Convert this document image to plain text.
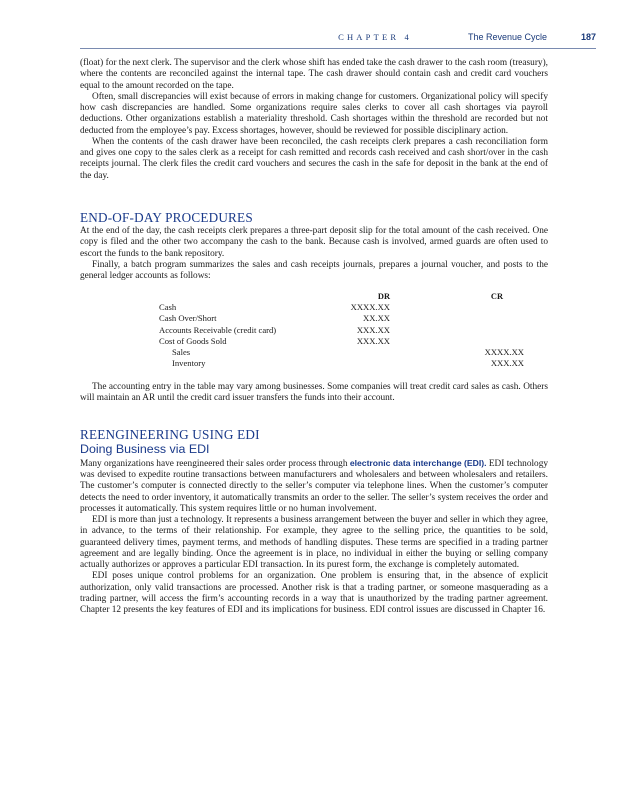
CHAPTER 4	The Revenue Cycle	187

(float) for the next clerk. The supervisor and the clerk whose shift has ended take the cash drawer to the cash room (treasury), where the contents are reconciled against the internal tape. The cash drawer should contain cash and credit card vouchers equal to the amount recorded on the tape.

Often, small discrepancies will exist because of errors in making change for customers. Organizational policy will specify how cash discrepancies are handled. Some organizations require sales clerks to cover all cash shortages via payroll deductions. Other organizations establish a materiality threshold. Cash shortages within the threshold are recorded but not deducted from the employee’s pay. Excess shortages, however, should be reviewed for possible disciplinary action.

When the contents of the cash drawer have been reconciled, the cash receipts clerk prepares a cash reconciliation form and gives one copy to the sales clerk as a receipt for cash remitted and records cash received and cash short/over in the cash receipts journal. The clerk files the credit card vouchers and secures the cash in the safe for deposit in the bank at the end of the day.

END-OF-DAY PROCEDURES

At the end of the day, the cash receipts clerk prepares a three-part deposit slip for the total amount of the cash received. One copy is filed and the other two accompany the cash to the bank. Because cash is involved, armed guards are often used to escort the funds to the bank repository.

Finally, a batch program summarizes the sales and cash receipts journals, prepares a journal voucher, and posts to the general ledger accounts as follows:

	DR	CR
Cash	XXXX.XX	
Cash Over/Short	XX.XX	
Accounts Receivable (credit card)	XXX.XX	
Cost of Goods Sold	XXX.XX	
Sales		XXXX.XX
Inventory		XXX.XX

The accounting entry in the table may vary among businesses. Some companies will treat credit card sales as cash. Others will maintain an AR until the credit card issuer transfers the funds into their account.

REENGINEERING USING EDI
Doing Business via EDI

Many organizations have reengineered their sales order process through electronic data interchange (EDI). EDI technology was devised to expedite routine transactions between manufacturers and wholesalers and between wholesalers and retailers. The customer’s computer is connected directly to the seller’s computer via telephone lines. When the customer’s computer detects the need to order inventory, it automatically transmits an order to the seller. The seller’s system receives the order and processes it automatically. This system requires little or no human involvement.

EDI is more than just a technology. It represents a business arrangement between the buyer and seller in which they agree, in advance, to the terms of their relationship. For example, they agree to the selling price, the quantities to be sold, guaranteed delivery times, payment terms, and methods of handling disputes. These terms are specified in a trading partner agreement and are legally binding. Once the agreement is in place, no individual in either the buying or selling company actually authorizes or approves a particular EDI transaction. In its purest form, the exchange is completely automated.

EDI poses unique control problems for an organization. One problem is ensuring that, in the absence of explicit authorization, only valid transactions are processed. Another risk is that a trading partner, or someone masquerading as a trading partner, will access the firm’s accounting records in a way that is unauthorized by the trading partner agreement. Chapter 12 presents the key features of EDI and its implications for business. EDI control issues are discussed in Chapter 16.
